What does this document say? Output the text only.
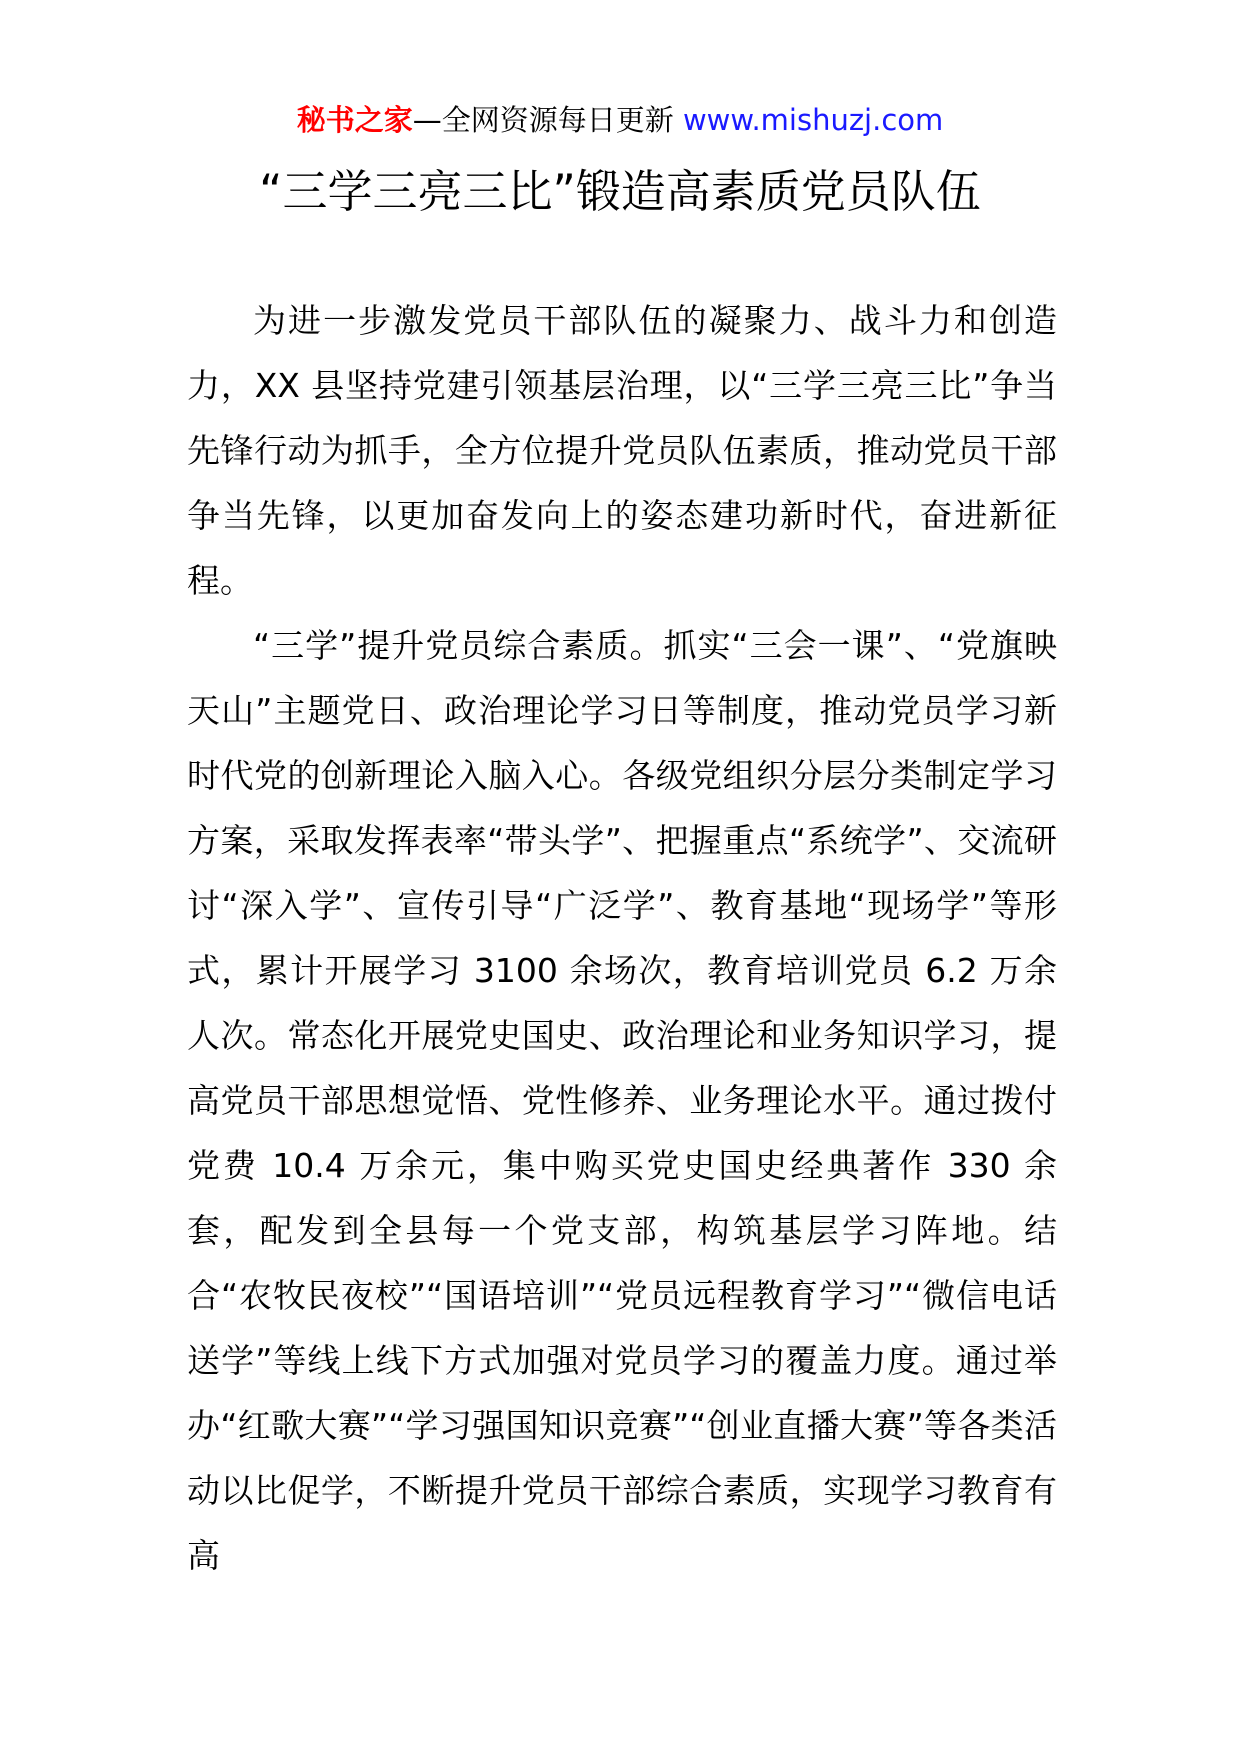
秘书之家—全网资源每日更新 www.mishuzj.com
“三学三亮三比”锻造高素质党员队伍

为进一步激发党员干部队伍的凝聚力、战斗力和创造力，XX 县坚持党建引领基层治理，以“三学三亮三比”争当先锋行动为抓手，全方位提升党员队伍素质，推动党员干部争当先锋，以更加奋发向上的姿态建功新时代，奋进新征程。

“三学”提升党员综合素质。抓实“三会一课”、“党旗映天山”主题党日、政治理论学习日等制度，推动党员学习新时代党的创新理论入脑入心。各级党组织分层分类制定学习方案，采取发挥表率“带头学”、把握重点“系统学”、交流研讨“深入学”、宣传引导“广泛学”、教育基地“现场学”等形式，累计开展学习 3100 余场次，教育培训党员 6.2 万余人次。常态化开展党史国史、政治理论和业务知识学习，提高党员干部思想觉悟、党性修养、业务理论水平。通过拨付党费 10.4 万余元，集中购买党史国史经典著作 330 余套，配发到全县每一个党支部，构筑基层学习阵地。结合“农牧民夜校”“国语培训”“党员远程教育学习”“微信电话送学”等线上线下方式加强对党员学习的覆盖力度。通过举办“红歌大赛”“学习强国知识竞赛”“创业直播大赛”等各类活动以比促学，不断提升党员干部综合素质，实现学习教育有高
